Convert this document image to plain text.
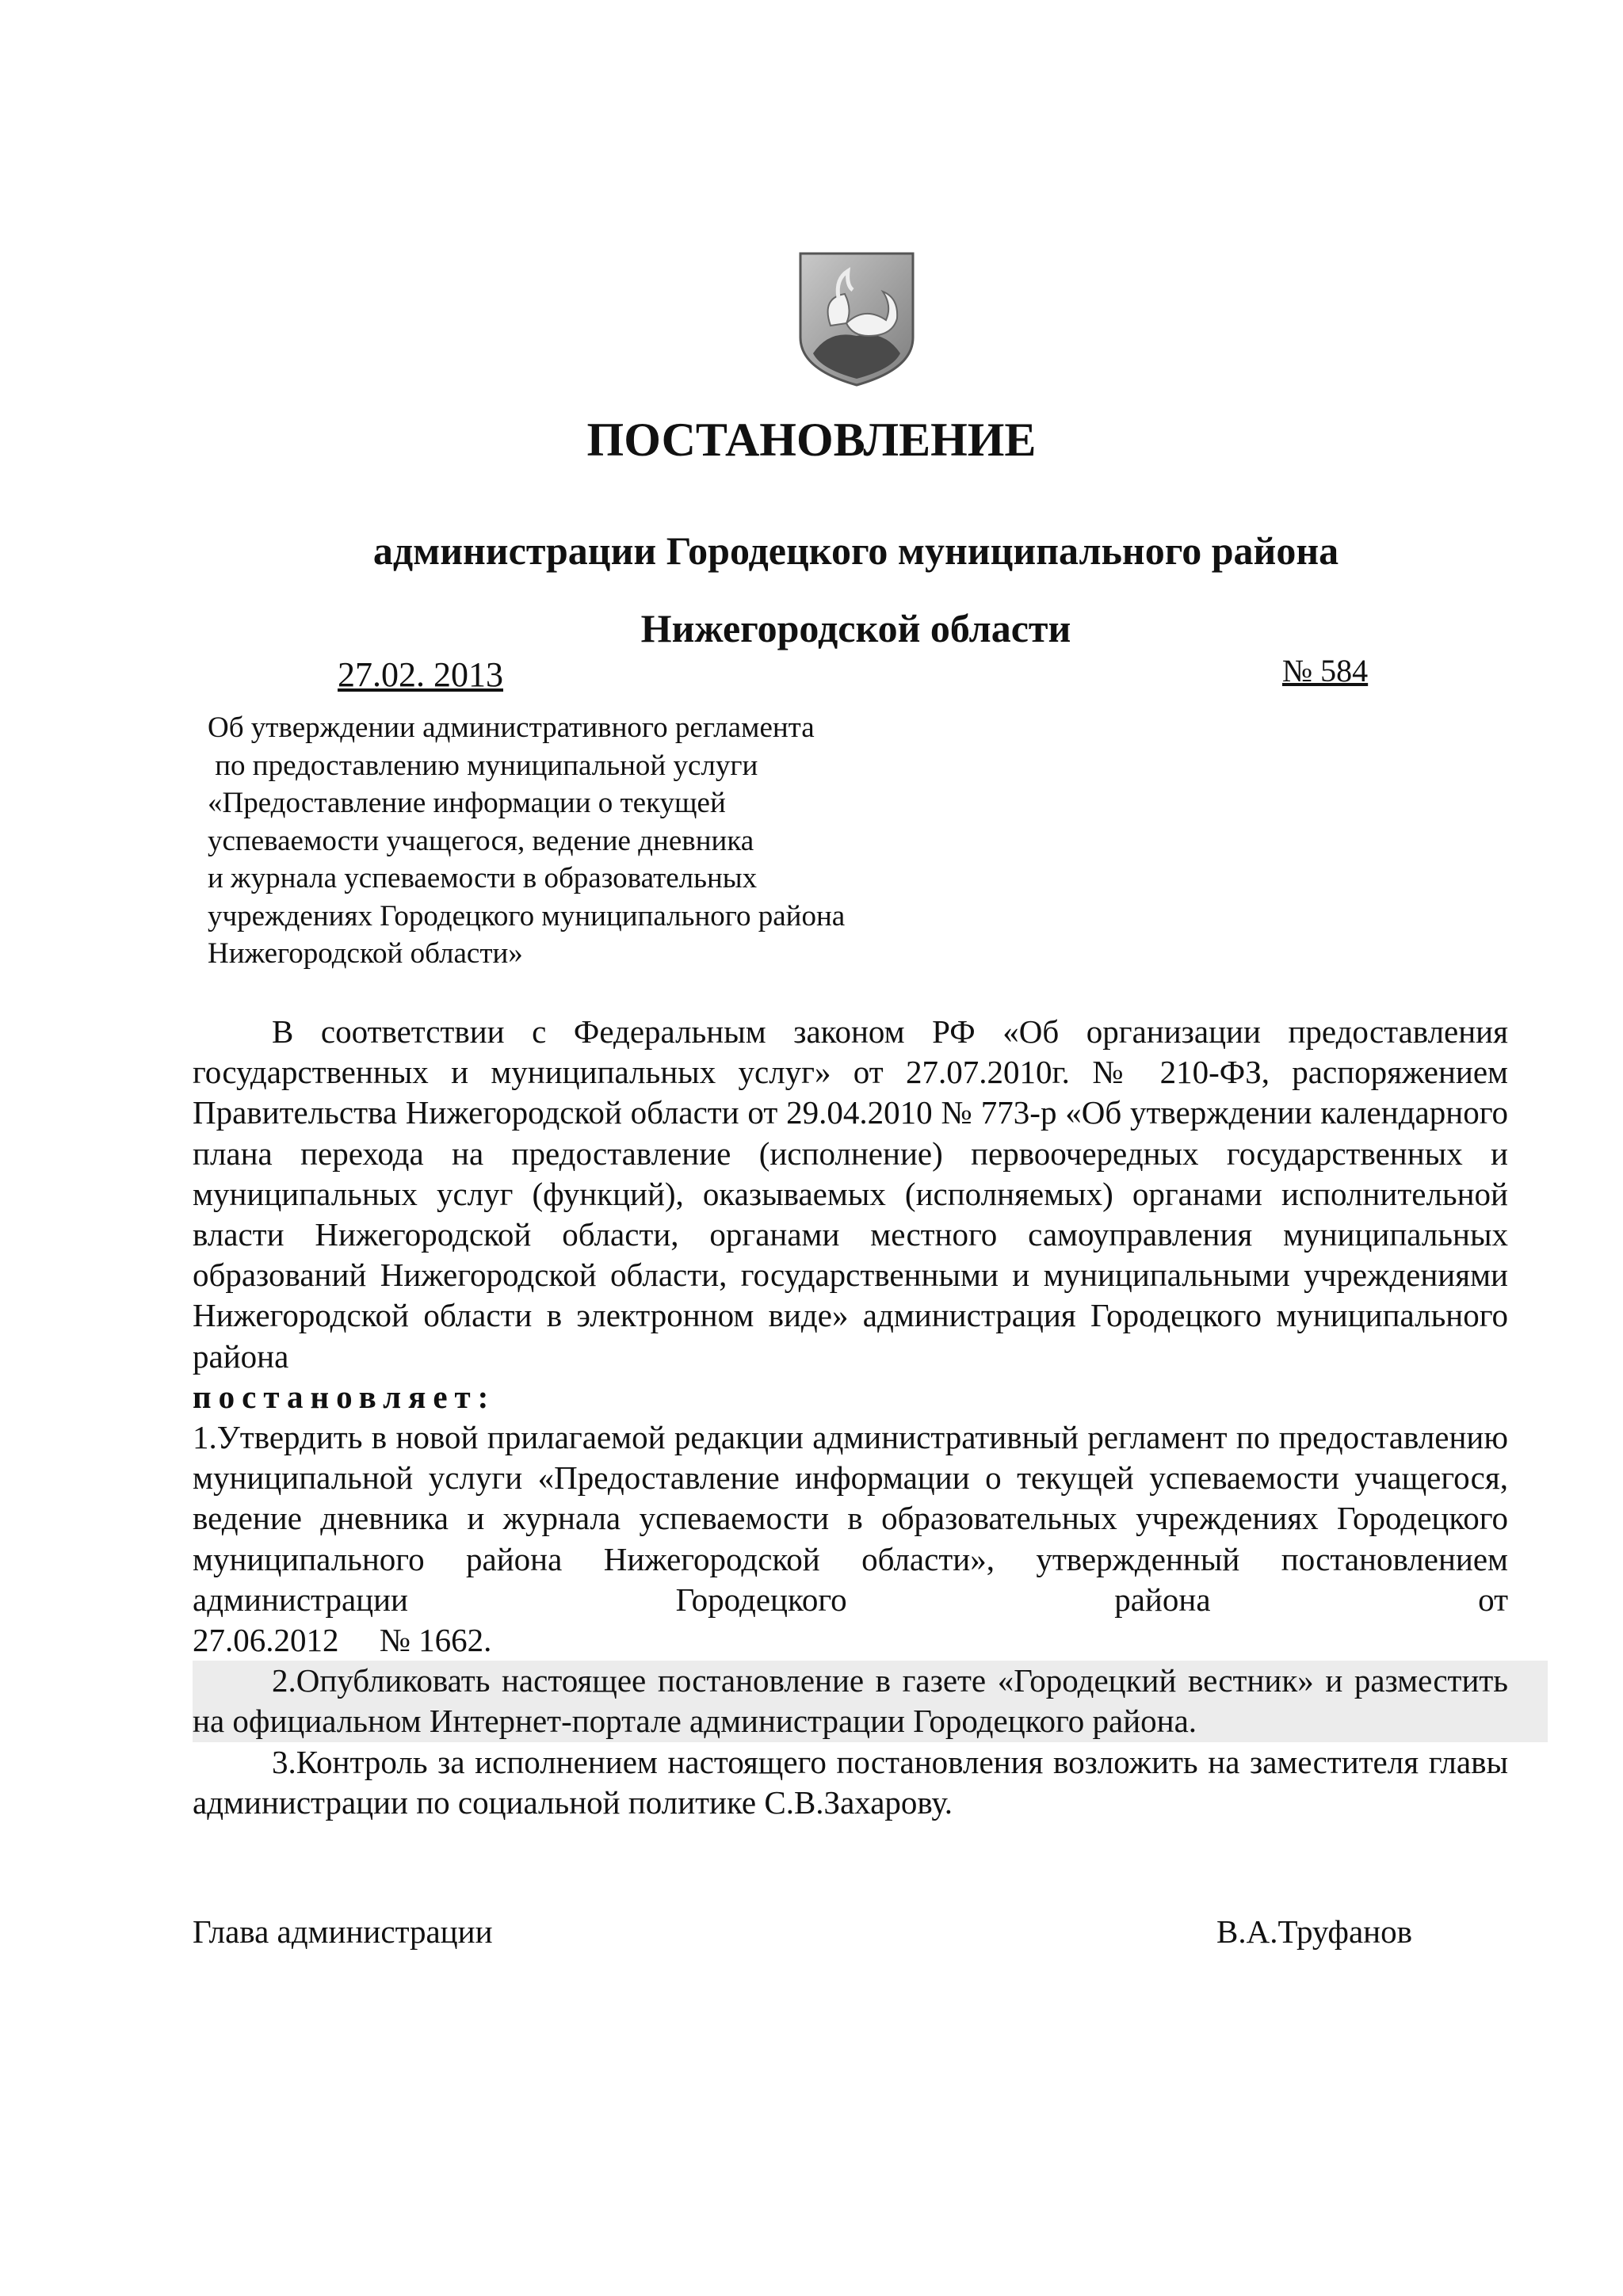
ПОСТАНОВЛЕНИЕ
администрации Городецкого муниципального района
Нижегородской области
27.02. 2013	№ 584
Об утверждении административного регламента
по предоставлению муниципальной услуги
«Предоставление информации о текущей
успеваемости учащегося, ведение дневника
и журнала успеваемости в образовательных
учреждениях Городецкого муниципального района
Нижегородской области»
В соответствии с Федеральным законом РФ «Об организации предоставления государственных и муниципальных услуг» от 27.07.2010г. № 210-ФЗ, распоряжением Правительства Нижегородской области от 29.04.2010 № 773-р «Об утверждении календарного плана перехода на предоставление (исполнение) первоочередных государственных и муниципальных услуг (функций), оказываемых (исполняемых) органами исполнительной власти Нижегородской области, органами местного самоуправления муниципальных образований Нижегородской области, государственными и муниципальными учреждениями Нижегородской области в электронном виде» администрация Городецкого муниципального района
постановляет:
1.Утвердить в новой прилагаемой редакции административный регламент по предоставлению муниципальной услуги «Предоставление информации о текущей успеваемости учащегося, ведение дневника и журнала успеваемости в образовательных учреждениях Городецкого муниципального района Нижегородской области», утвержденный постановлением администрации Городецкого района от
27.06.2012     № 1662.
2.Опубликовать настоящее постановление в газете «Городецкий вестник» и разместить на официальном Интернет-портале администрации Городецкого района.
3.Контроль за исполнением настоящего постановления возложить на заместителя главы администрации по социальной политике С.В.Захарову.
Глава администрации	В.А.Труфанов
